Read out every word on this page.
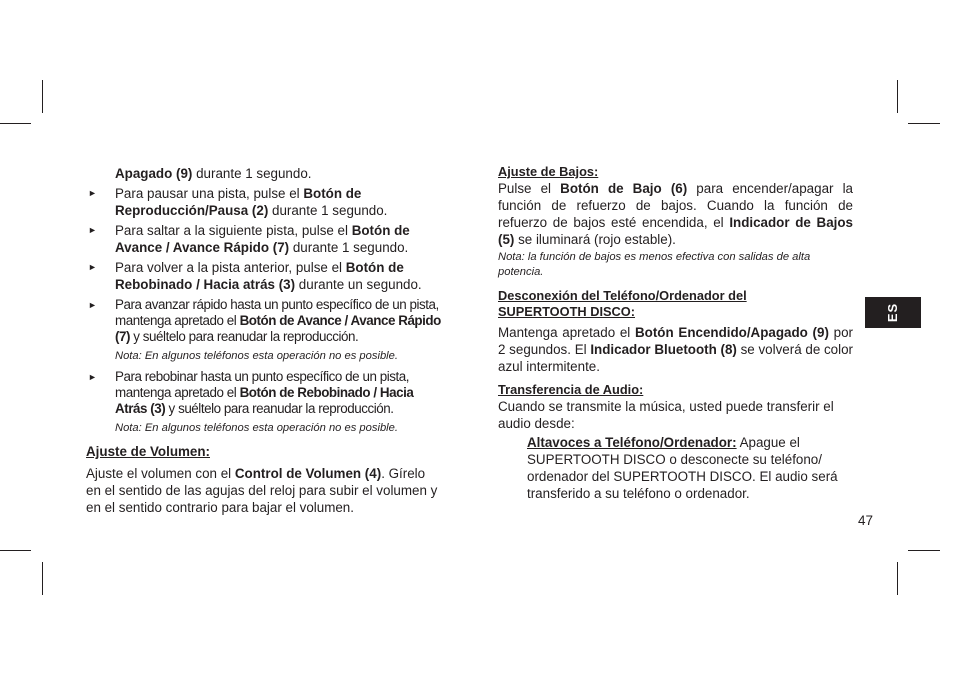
Apagado (9) durante 1 segundo.

► Para pausar una pista, pulse el Botón de Reproducción/Pausa (2) durante 1 segundo.
► Para saltar a la siguiente pista, pulse el Botón de Avance / Avance Rápido (7) durante 1 segundo.
► Para volver a la pista anterior, pulse el Botón de Rebobinado / Hacia atrás (3) durante un segundo.
► Para avanzar rápido hasta un punto específico de un pista, mantenga apretado el Botón de Avance / Avance Rápido (7) y suéltelo para reanudar la reproducción.
Nota: En algunos teléfonos esta operación no es posible.
► Para rebobinar hasta un punto específico de un pista, mantenga apretado el Botón de Rebobinado / Hacia Atrás (3) y suéltelo para reanudar la reproducción.
Nota: En algunos teléfonos esta operación no es posible.

Ajuste de Volumen:

Ajuste el volumen con el Control de Volumen (4). Gírelo en el sentido de las agujas del reloj para subir el volumen y en el sentido contrario para bajar el volumen.

Ajuste de Bajos:

Pulse el Botón de Bajo (6) para encender/apagar la función de refuerzo de bajos. Cuando la función de refuerzo de bajos esté encendida, el Indicador de Bajos (5) se iluminará (rojo estable).

Nota: la función de bajos es menos efectiva con salidas de alta potencia.

Desconexión del Teléfono/Ordenador del
SUPERTOOTH DISCO:

Mantenga apretado el Botón Encendido/Apagado (9) por 2 segundos. El Indicador Bluetooth (8) se volverá de color azul intermitente.

Transferencia de Audio:

Cuando se transmite la música, usted puede transferir el audio desde:

Altavoces a Teléfono/Ordenador: Apague el SUPERTOOTH DISCO o desconecte su teléfono/ ordenador del SUPERTOOTH DISCO. El audio será transferido a su teléfono o ordenador.

ES
47
